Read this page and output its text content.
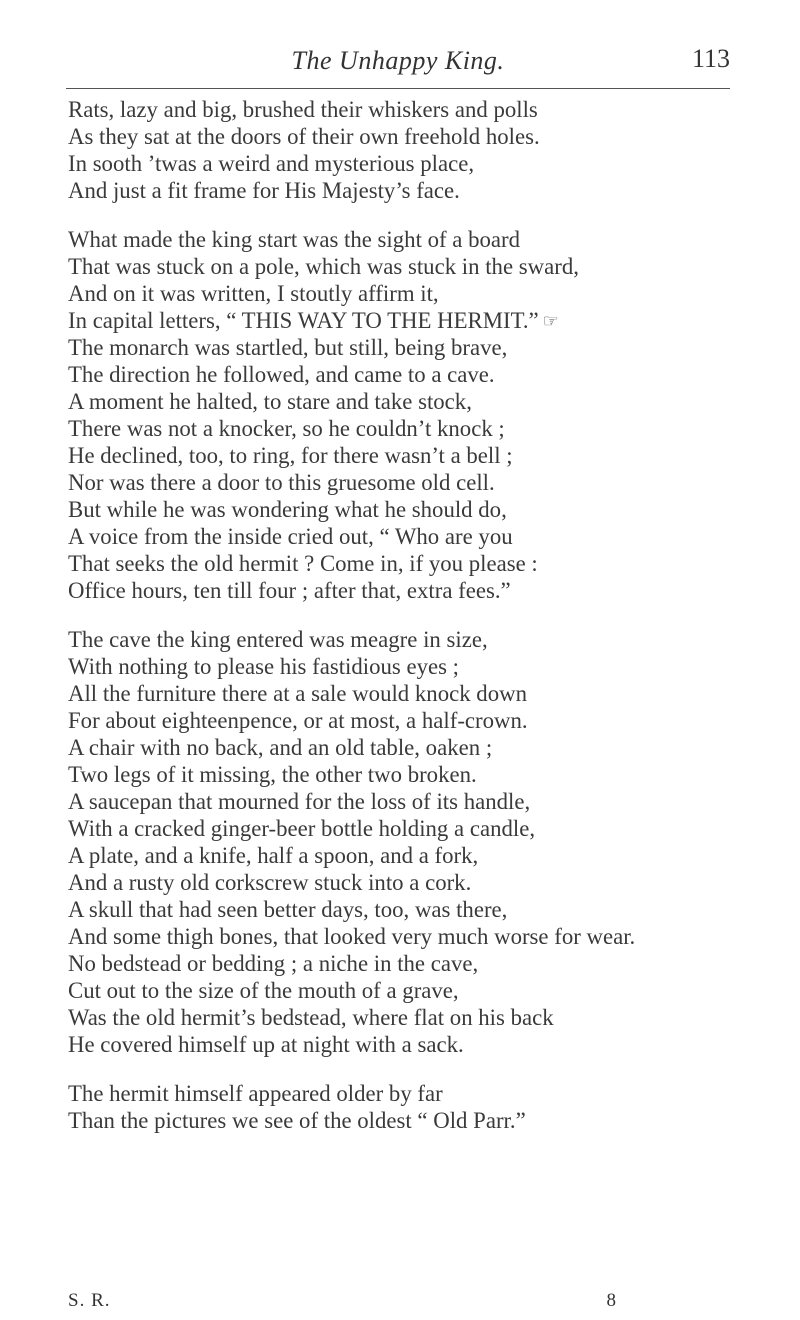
The Unhappy King.	113
Rats, lazy and big, brushed their whiskers and polls
As they sat at the doors of their own freehold holes.
In sooth ’twas a weird and mysterious place,
And just a fit frame for His Majesty’s face.
What made the king start was the sight of a board
That was stuck on a pole, which was stuck in the sward,
And on it was written, I stoutly affirm it,
In capital letters, “ THIS WAY TO THE HERMIT.” ☞
The monarch was startled, but still, being brave,
The direction he followed, and came to a cave.
A moment he halted, to stare and take stock,
There was not a knocker, so he couldn’t knock ;
He declined, too, to ring, for there wasn’t a bell ;
Nor was there a door to this gruesome old cell.
But while he was wondering what he should do,
A voice from the inside cried out, “ Who are you
That seeks the old hermit ? Come in, if you please :
Office hours, ten till four ; after that, extra fees.”
The cave the king entered was meagre in size,
With nothing to please his fastidious eyes ;
All the furniture there at a sale would knock down
For about eighteenpence, or at most, a half-crown.
A chair with no back, and an old table, oaken ;
Two legs of it missing, the other two broken.
A saucepan that mourned for the loss of its handle,
With a cracked ginger-beer bottle holding a candle,
A plate, and a knife, half a spoon, and a fork,
And a rusty old corkscrew stuck into a cork.
A skull that had seen better days, too, was there,
And some thigh bones, that looked very much worse for wear.
No bedstead or bedding ; a niche in the cave,
Cut out to the size of the mouth of a grave,
Was the old hermit’s bedstead, where flat on his back
He covered himself up at night with a sack.
The hermit himself appeared older by far
Than the pictures we see of the oldest “ Old Parr.”
S. R.	8
